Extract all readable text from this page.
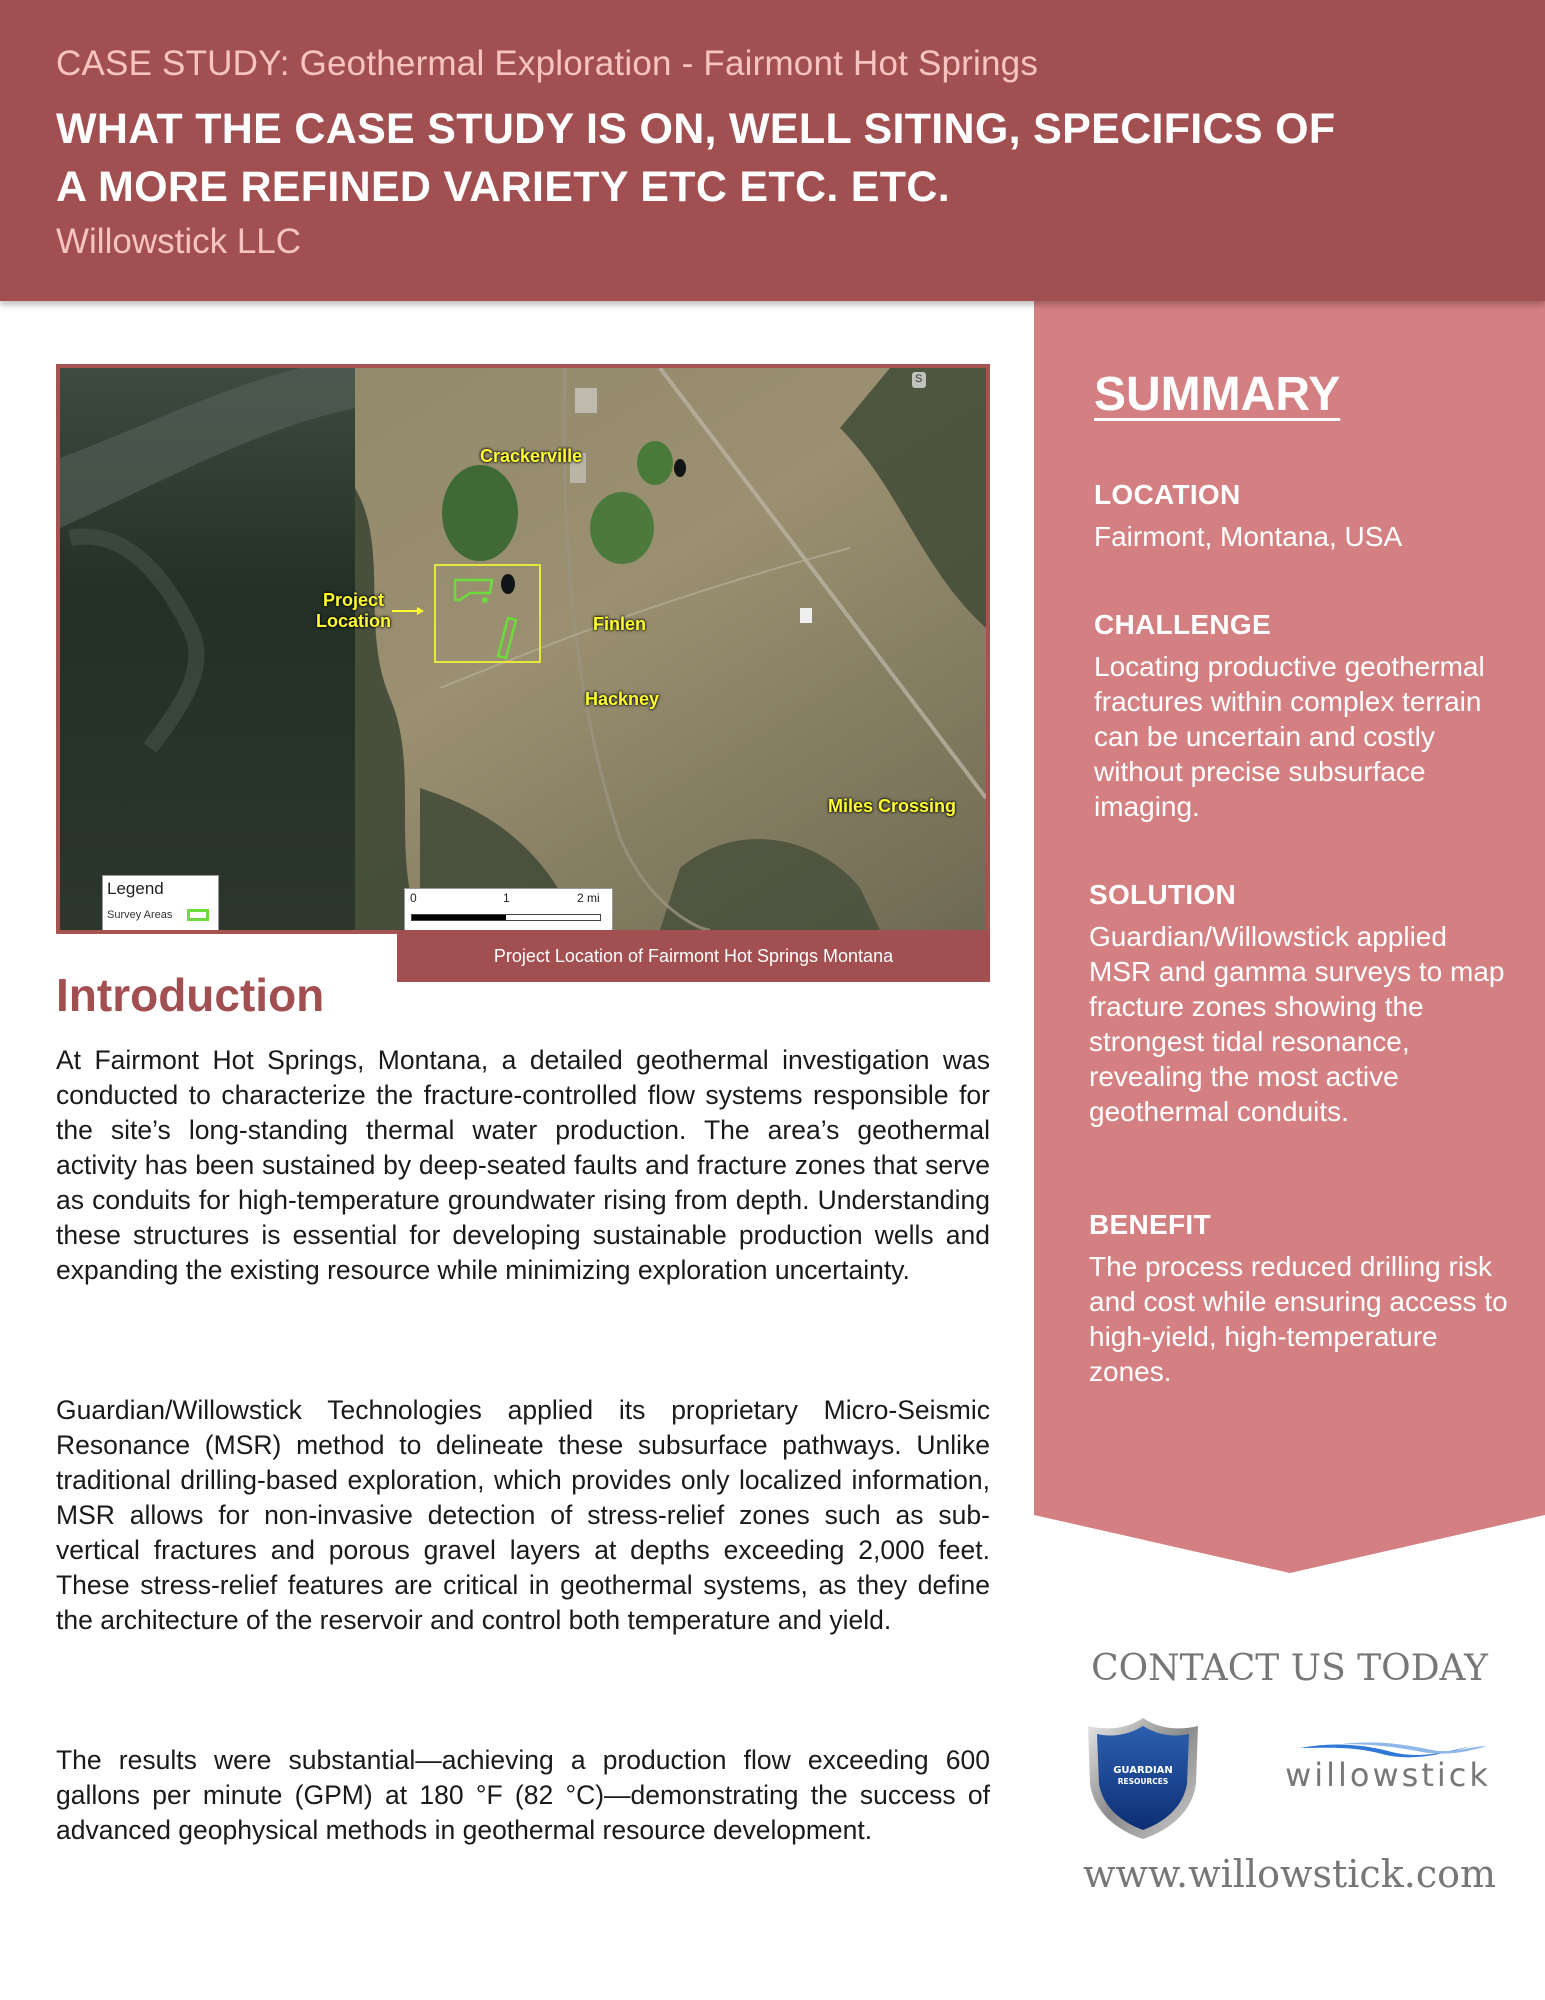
CASE STUDY: Geothermal Exploration - Fairmont Hot Springs
WHAT THE CASE STUDY IS ON, WELL SITING, SPECIFICS OF
A MORE REFINED VARIETY ETC ETC. ETC.
Willowstick LLC
SUMMARY
LOCATION
Fairmont, Montana, USA
CHALLENGE
Locating productive geothermal fractures within complex terrain can be uncertain and costly without precise subsurface imaging.
SOLUTION
Guardian/Willowstick applied MSR and gamma surveys to map fracture zones showing the strongest tidal resonance, revealing the most active geothermal conduits.
BENEFIT
The process reduced drilling risk and cost while ensuring access to high-yield, high-temperature zones.
Crackerville
Project
Location	Finlen
Hackney
Miles Crossing
S
Legend
Survey Areas
0	1	2 mi
Project Location of Fairmont Hot Springs Montana
Introduction
At Fairmont Hot Springs, Montana, a detailed geothermal investigation was conducted to characterize the fracture-controlled flow systems responsible for the site’s long-standing thermal water production. The area’s geothermal activity has been sustained by deep-seated faults and fracture zones that serve as conduits for high-temperature groundwater rising from depth. Understanding these structures is essential for developing sustainable production wells and expanding the existing resource while minimizing exploration uncertainty.
Guardian/Willowstick Technologies applied its proprietary Micro-Seismic Resonance (MSR) method to delineate these subsurface pathways. Unlike traditional drilling-based exploration, which provides only localized information, MSR allows for non-invasive detection of stress-relief zones such as sub-vertical fractures and porous gravel layers at depths exceeding 2,000 feet. These stress-relief features are critical in geothermal systems, as they define the architecture of the reservoir and control both temperature and yield.
The results were substantial—achieving a production flow exceeding 600 gallons per minute (GPM) at 180 °F (82 °C)—demonstrating the success of advanced geophysical methods in geothermal resource development.
CONTACT US TODAY
GUARDIAN
RESOURCES	willowstick
www.willowstick.com
